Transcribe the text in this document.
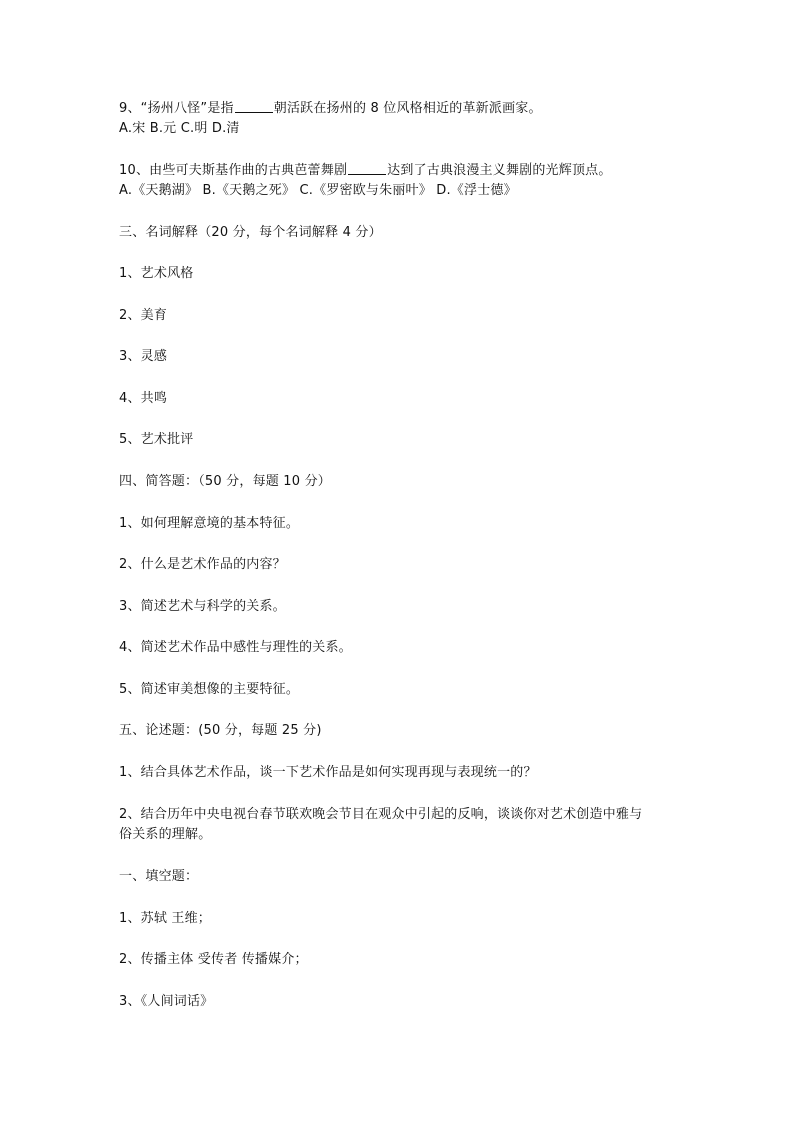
9、“扬州八怪”是指	朝活跃在扬州的 8 位风格相近的革新派画家。
A.宋 B.元 C.明 D.清
10、由些可夫斯基作曲的古典芭蕾舞剧	达到了古典浪漫主义舞剧的光辉顶点。
A.《天鹅湖》 B.《天鹅之死》 C.《罗密欧与朱丽叶》 D.《浮士德》
三、名词解释（20 分，每个名词解释 4 分）
1、艺术风格
2、美育
3、灵感
4、共鸣
5、艺术批评
四、简答题：（50 分，每题 10 分）
1、如何理解意境的基本特征。
2、什么是艺术作品的内容？
3、简述艺术与科学的关系。
4、简述艺术作品中感性与理性的关系。
5、简述审美想像的主要特征。
五、论述题：(50 分，每题 25 分)
1、结合具体艺术作品，谈一下艺术作品是如何实现再现与表现统一的？
2、结合历年中央电视台春节联欢晚会节目在观众中引起的反响，谈谈你对艺术创造中雅与
俗关系的理解。
一、填空题：
1、苏轼 王维；
2、传播主体 受传者 传播媒介；
3、《人间词话》
